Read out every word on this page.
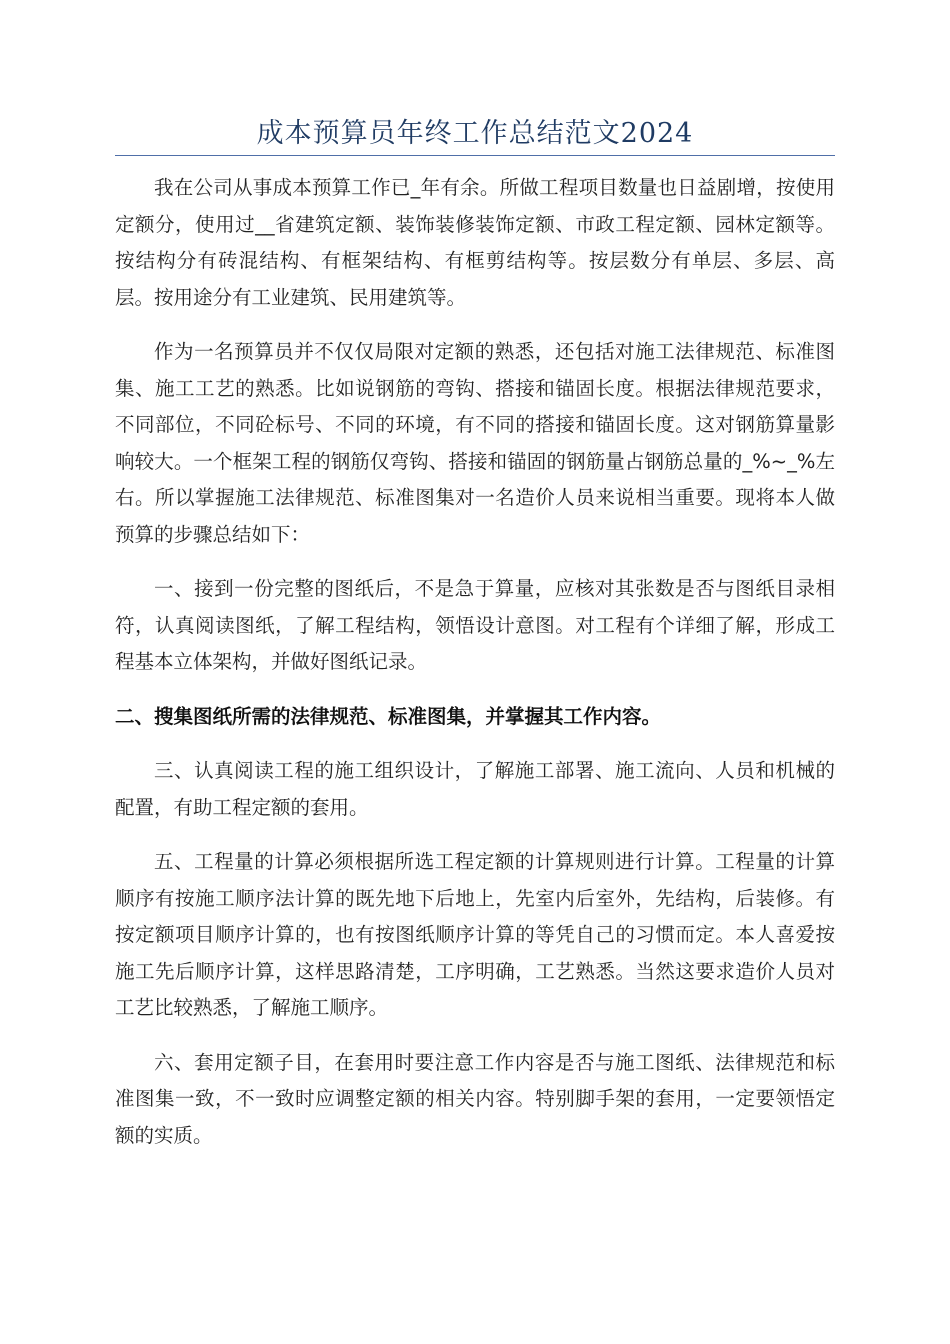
成本预算员年终工作总结范文2024

我在公司从事成本预算工作已_年有余。所做工程项目数量也日益剧增，按使用定额分，使用过__省建筑定额、装饰装修装饰定额、市政工程定额、园林定额等。按结构分有砖混结构、有框架结构、有框剪结构等。按层数分有单层、多层、高层。按用途分有工业建筑、民用建筑等。

作为一名预算员并不仅仅局限对定额的熟悉，还包括对施工法律规范、标准图集、施工工艺的熟悉。比如说钢筋的弯钩、搭接和锚固长度。根据法律规范要求，不同部位，不同砼标号、不同的环境，有不同的搭接和锚固长度。这对钢筋算量影响较大。一个框架工程的钢筋仅弯钩、搭接和锚固的钢筋量占钢筋总量的_%~_%左右。所以掌握施工法律规范、标准图集对一名造价人员来说相当重要。现将本人做预算的步骤总结如下：

一、接到一份完整的图纸后，不是急于算量，应核对其张数是否与图纸目录相符，认真阅读图纸，了解工程结构，领悟设计意图。对工程有个详细了解，形成工程基本立体架构，并做好图纸记录。

二、搜集图纸所需的法律规范、标准图集，并掌握其工作内容。

三、认真阅读工程的施工组织设计，了解施工部署、施工流向、人员和机械的配置，有助工程定额的套用。

五、工程量的计算必须根据所选工程定额的计算规则进行计算。工程量的计算顺序有按施工顺序法计算的既先地下后地上，先室内后室外，先结构，后装修。有按定额项目顺序计算的，也有按图纸顺序计算的等凭自己的习惯而定。本人喜爱按施工先后顺序计算，这样思路清楚，工序明确，工艺熟悉。当然这要求造价人员对工艺比较熟悉，了解施工顺序。

六、套用定额子目，在套用时要注意工作内容是否与施工图纸、法律规范和标准图集一致，不一致时应调整定额的相关内容。特别脚手架的套用，一定要领悟定额的实质。
